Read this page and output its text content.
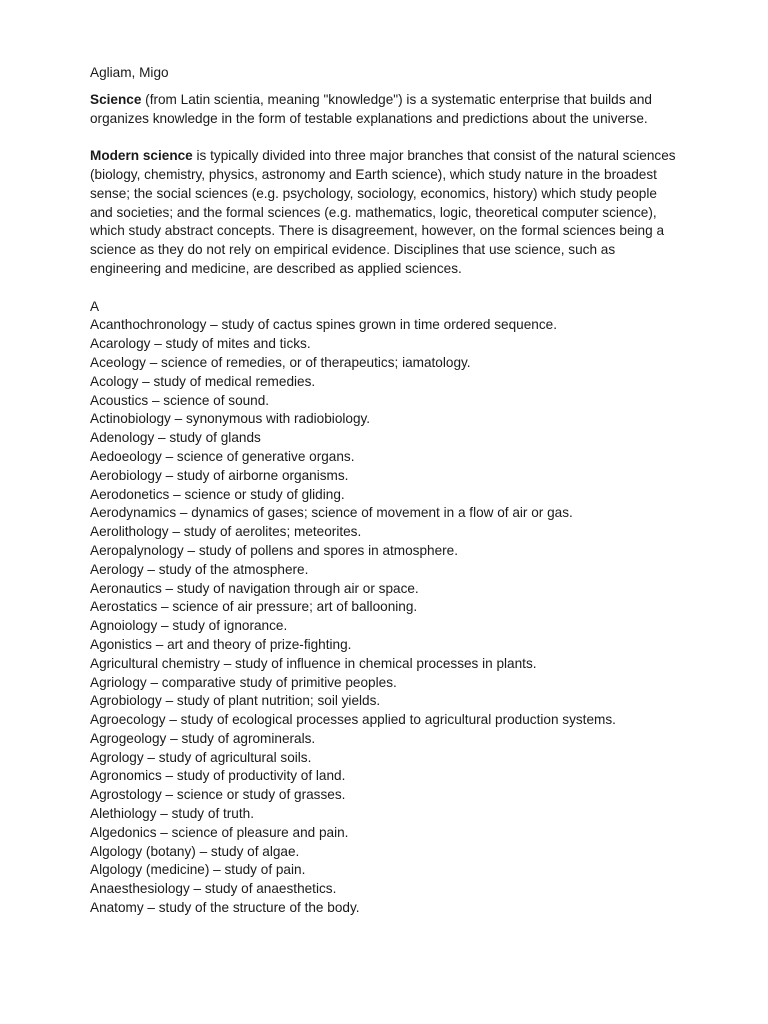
Agliam, Migo

Science (from Latin scientia, meaning "knowledge") is a systematic enterprise that builds and organizes knowledge in the form of testable explanations and predictions about the universe.

Modern science is typically divided into three major branches that consist of the natural sciences (biology, chemistry, physics, astronomy and Earth science), which study nature in the broadest sense; the social sciences (e.g. psychology, sociology, economics, history) which study people and societies; and the formal sciences (e.g. mathematics, logic, theoretical computer science), which study abstract concepts. There is disagreement, however, on the formal sciences being a science as they do not rely on empirical evidence. Disciplines that use science, such as engineering and medicine, are described as applied sciences.

A
Acanthochronology – study of cactus spines grown in time ordered sequence.
Acarology – study of mites and ticks.
Aceology – science of remedies, or of therapeutics; iamatology.
Acology – study of medical remedies.
Acoustics – science of sound.
Actinobiology – synonymous with radiobiology.
Adenology – study of glands
Aedoeology – science of generative organs.
Aerobiology – study of airborne organisms.
Aerodonetics – science or study of gliding.
Aerodynamics – dynamics of gases; science of movement in a flow of air or gas.
Aerolithology – study of aerolites; meteorites.
Aeropalynology – study of pollens and spores in atmosphere.
Aerology – study of the atmosphere.
Aeronautics – study of navigation through air or space.
Aerostatics – science of air pressure; art of ballooning.
Agnoiology – study of ignorance.
Agonistics – art and theory of prize-fighting.
Agricultural chemistry – study of influence in chemical processes in plants.
Agriology – comparative study of primitive peoples.
Agrobiology – study of plant nutrition; soil yields.
Agroecology – study of ecological processes applied to agricultural production systems.
Agrogeology – study of agrominerals.
Agrology – study of agricultural soils.
Agronomics – study of productivity of land.
Agrostology – science or study of grasses.
Alethiology – study of truth.
Algedonics – science of pleasure and pain.
Algology (botany) – study of algae.
Algology (medicine) – study of pain.
Anaesthesiology – study of anaesthetics.
Anatomy – study of the structure of the body.
